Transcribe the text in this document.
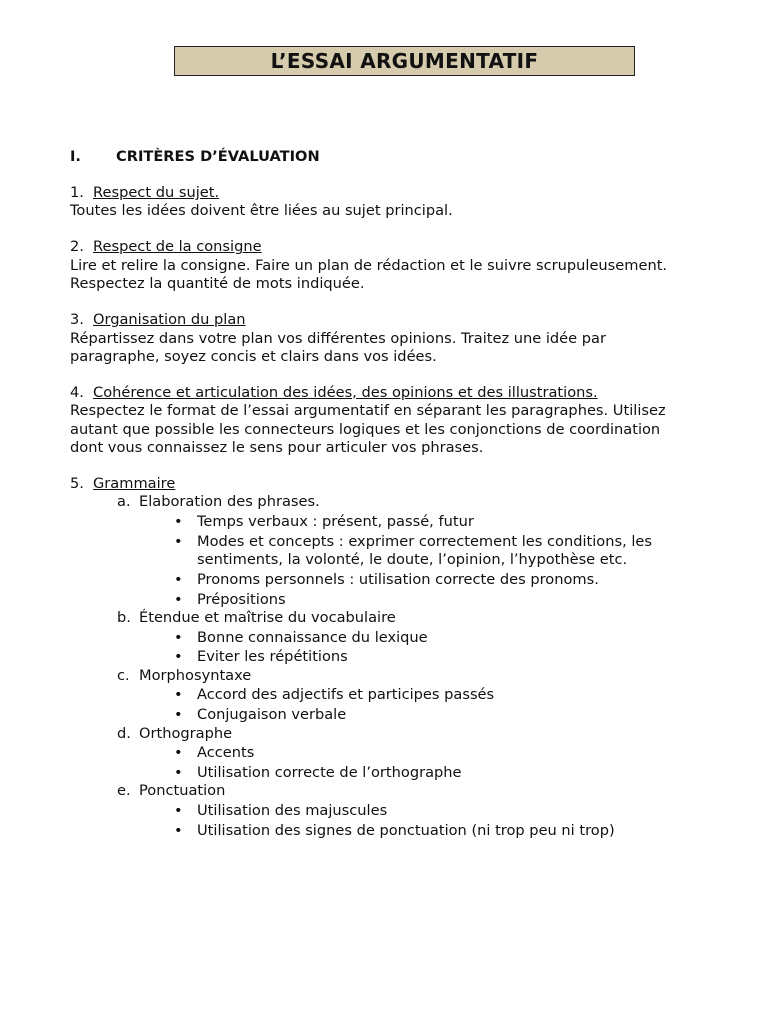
L’ESSAI ARGUMENTATIF
I. CRITÈRES D’ÉVALUATION
1. Respect du sujet.
Toutes les idées doivent être liées au sujet principal.
2. Respect de la consigne
Lire et relire la consigne. Faire un plan de rédaction et le suivre scrupuleusement.
Respectez la quantité de mots indiquée.
3. Organisation du plan
Répartissez dans votre plan vos différentes opinions. Traitez une idée par
paragraphe, soyez concis et clairs dans vos idées.
4. Cohérence et articulation des idées, des opinions et des illustrations.
Respectez le format de l’essai argumentatif en séparant les paragraphes. Utilisez
autant que possible les connecteurs logiques et les conjonctions de coordination
dont vous connaissez le sens pour articuler vos phrases.
5. Grammaire
a. Elaboration des phrases.
• Temps verbaux : présent, passé, futur
• Modes et concepts : exprimer correctement les conditions, les
sentiments, la volonté, le doute, l’opinion, l’hypothèse etc.
• Pronoms personnels : utilisation correcte des pronoms.
• Prépositions
b. Étendue et maîtrise du vocabulaire
• Bonne connaissance du lexique
• Eviter les répétitions
c. Morphosyntaxe
• Accord des adjectifs et participes passés
• Conjugaison verbale
d. Orthographe
• Accents
• Utilisation correcte de l’orthographe
e. Ponctuation
• Utilisation des majuscules
• Utilisation des signes de ponctuation (ni trop peu ni trop)
